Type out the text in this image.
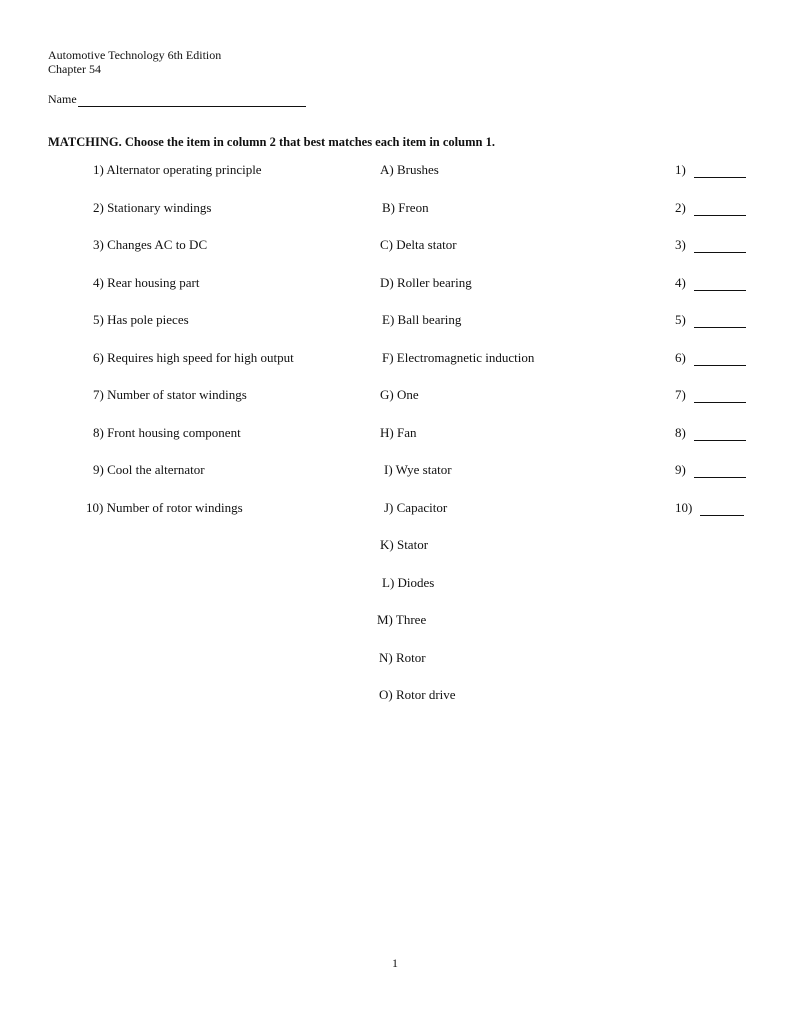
Automotive Technology 6th Edition
Chapter 54
Name
MATCHING. Choose the item in column 2 that best matches each item in column 1.
1) Alternator operating principle
2) Stationary windings
3) Changes AC to DC
4) Rear housing part
5) Has pole pieces
6) Requires high speed for high output
7) Number of stator windings
8) Front housing component
9) Cool the alternator
10) Number of rotor windings
A) Brushes
B) Freon
C) Delta stator
D) Roller bearing
E) Ball bearing
F) Electromagnetic induction
G) One
H) Fan
I) Wye stator
J) Capacitor
K) Stator
L) Diodes
M) Three
N) Rotor
O) Rotor drive
1)
2)
3)
4)
5)
6)
7)
8)
9)
10)
1
